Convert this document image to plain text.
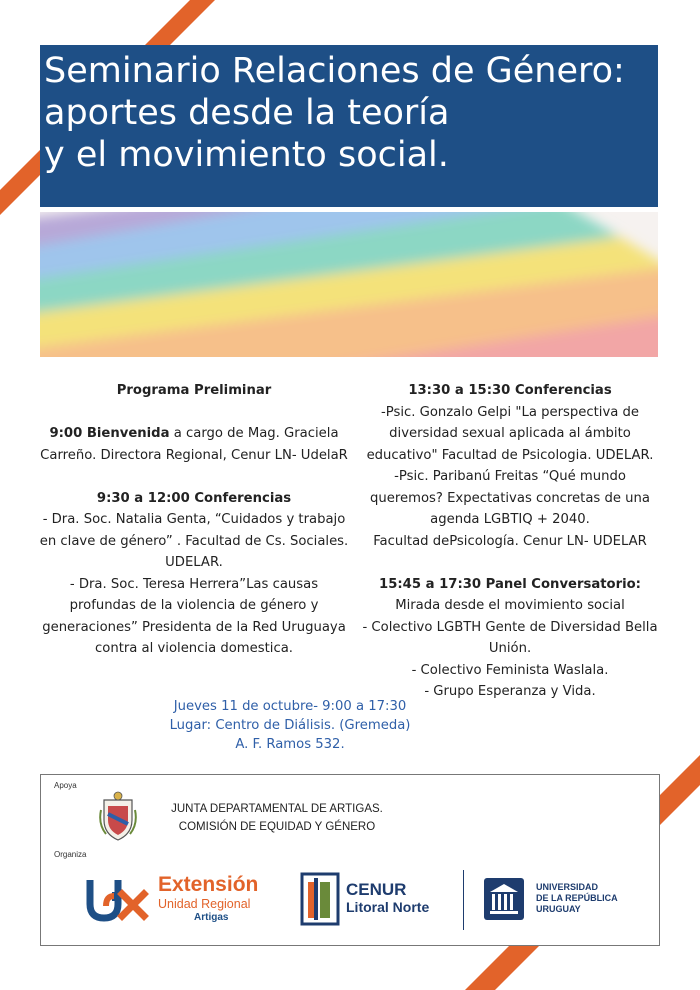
Seminario Relaciones de Género:
aportes desde la teoría
y el movimiento social.

Programa Preliminar

9:00 Bienvenida a cargo de Mag. Graciela Carreño. Directora Regional, Cenur LN- UdelaR

9:30 a 12:00 Conferencias

- Dra. Soc. Natalia Genta, “Cuidados y trabajo en clave de género” . Facultad de Cs. Sociales. UDELAR.

- Dra. Soc. Teresa Herrera”Las causas profundas de la violencia de género y generaciones” Presidenta de la Red Uruguaya contra al violencia domestica.

13:30 a 15:30 Conferencias

-Psic. Gonzalo Gelpi "La perspectiva de diversidad sexual aplicada al ámbito educativo" Facultad de Psicologia. UDELAR.

-Psic. Paribanú Freitas “Qué mundo queremos? Expectativas concretas de una agenda LGBTIQ + 2040.

Facultad dePsicología. Cenur LN- UDELAR

15:45 a 17:30 Panel Conversatorio: Mirada desde el movimiento social

- Colectivo LGBTH Gente de Diversidad Bella Unión.

- Colectivo Feminista Waslala.

- Grupo Esperanza y Vida.

Jueves 11 de octubre- 9:00 a 17:30
Lugar: Centro de Diálisis. (Gremeda)
A. F. Ramos 532.
Apoya
JUNTA DEPARTAMENTAL DE ARTIGAS.
COMISIÓN DE EQUIDAD Y GÉNERO
Organiza
Extensión
Unidad Regional
Artigas
CENUR
Litoral Norte
UNIVERSIDAD
DE LA REPÚBLICA
URUGUAY
